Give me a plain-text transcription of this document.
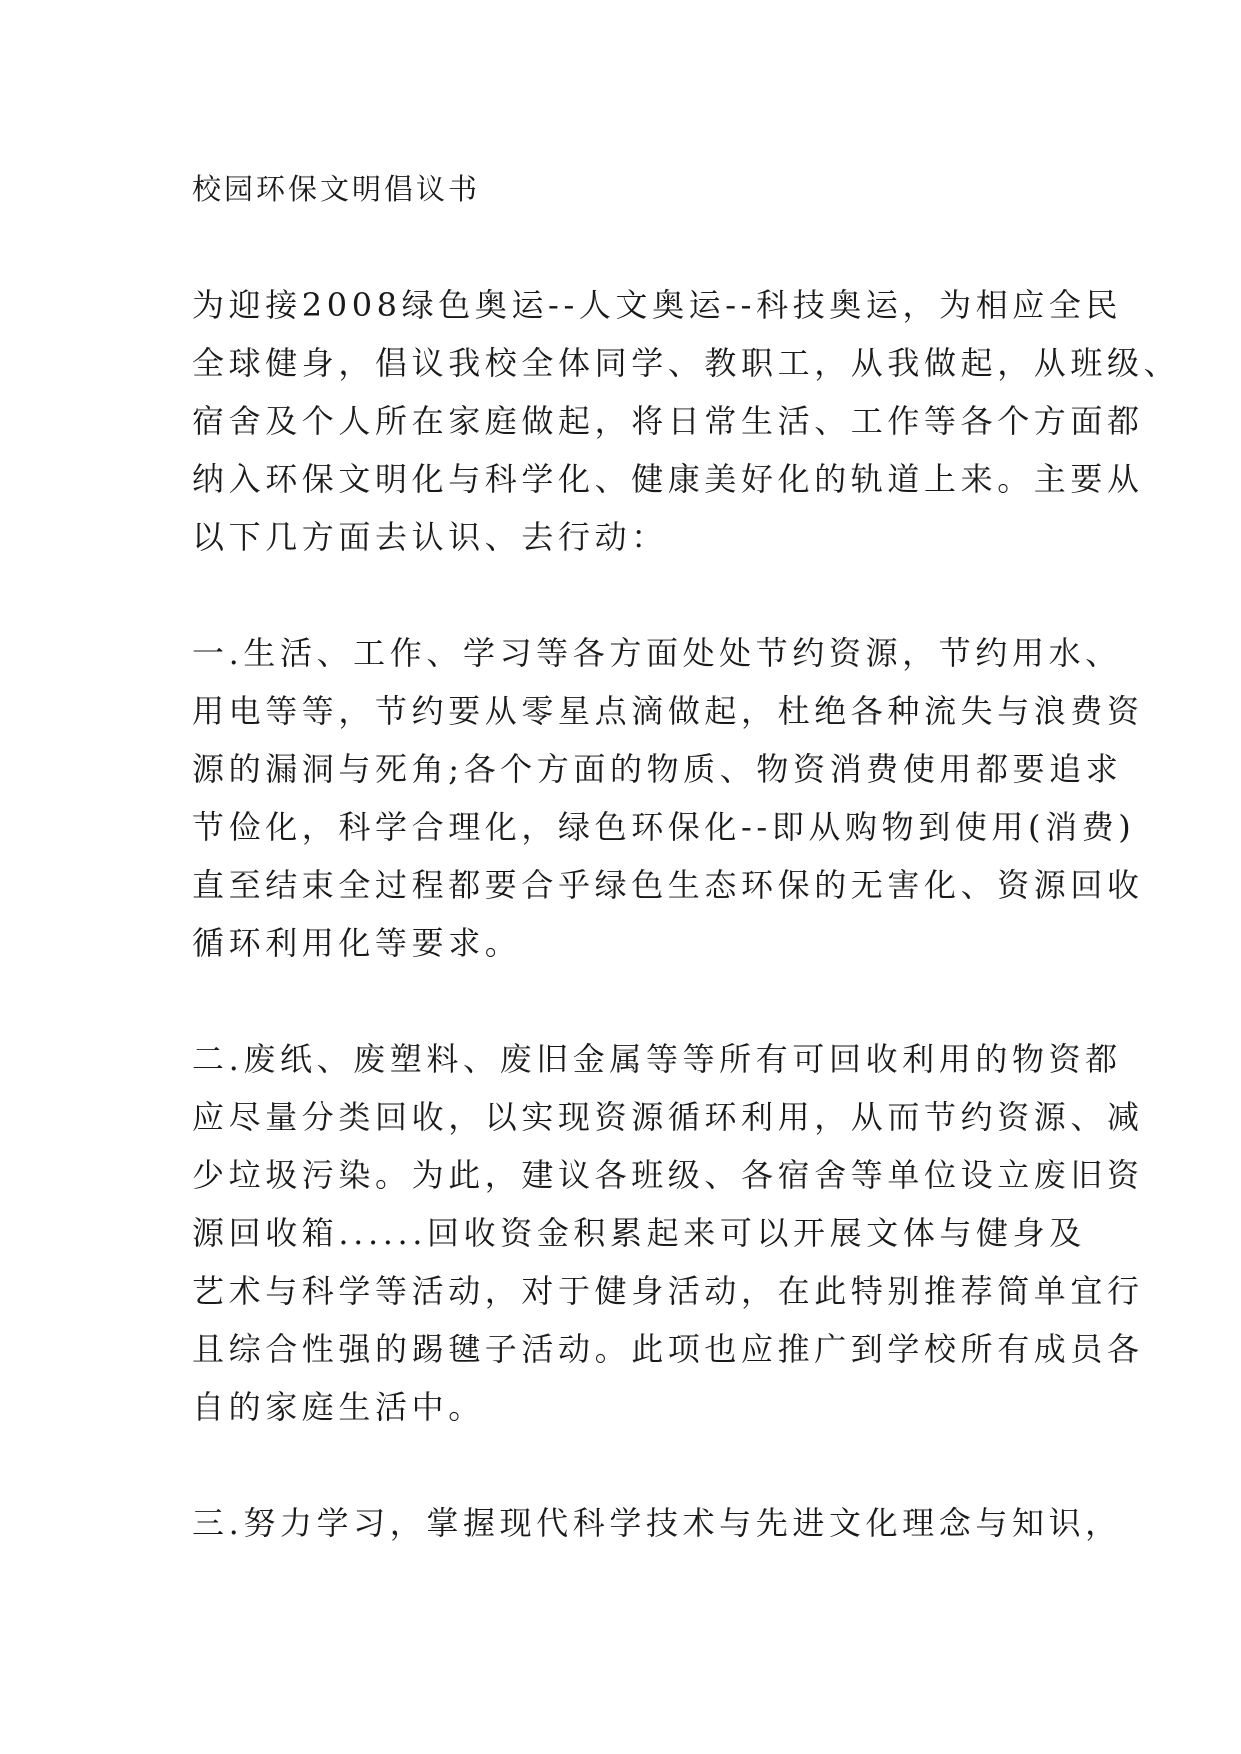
校园环保文明倡议书
为迎接2008绿色奥运--人文奥运--科技奥运，为相应全民
全球健身，倡议我校全体同学、教职工，从我做起，从班级、
宿舍及个人所在家庭做起，将日常生活、工作等各个方面都
纳入环保文明化与科学化、健康美好化的轨道上来。主要从
以下几方面去认识、去行动：
一.生活、工作、学习等各方面处处节约资源，节约用水、
用电等等，节约要从零星点滴做起，杜绝各种流失与浪费资
源的漏洞与死角;各个方面的物质、物资消费使用都要追求
节俭化，科学合理化，绿色环保化--即从购物到使用(消费)
直至结束全过程都要合乎绿色生态环保的无害化、资源回收
循环利用化等要求。
二.废纸、废塑料、废旧金属等等所有可回收利用的物资都
应尽量分类回收，以实现资源循环利用，从而节约资源、减
少垃圾污染。为此，建议各班级、各宿舍等单位设立废旧资
源回收箱......回收资金积累起来可以开展文体与健身及
艺术与科学等活动，对于健身活动，在此特别推荐简单宜行
且综合性强的踢毽子活动。此项也应推广到学校所有成员各
自的家庭生活中。
三.努力学习，掌握现代科学技术与先进文化理念与知识，
